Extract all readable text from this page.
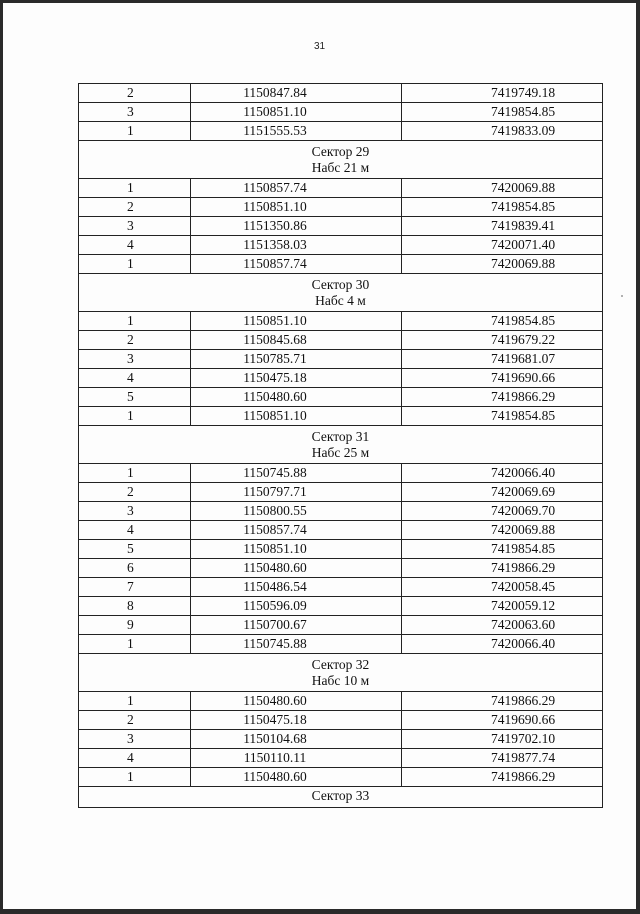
31
2	1150847.84	7419749.18
3	1150851.10	7419854.85
1	1151555.53	7419833.09

Сектор 29
Набс 21 м		

1	1150857.74	7420069.88
2	1150851.10	7419854.85
3	1151350.86	7419839.41
4	1151358.03	7420071.40
1	1150857.74	7420069.88

Сектор 30
Набс 4 м		

1	1150851.10	7419854.85
2	1150845.68	7419679.22
3	1150785.71	7419681.07
4	1150475.18	7419690.66
5	1150480.60	7419866.29
1	1150851.10	7419854.85

Сектор 31
Набс 25 м		

1	1150745.88	7420066.40
2	1150797.71	7420069.69
3	1150800.55	7420069.70
4	1150857.74	7420069.88
5	1150851.10	7419854.85
6	1150480.60	7419866.29
7	1150486.54	7420058.45
8	1150596.09	7420059.12
9	1150700.67	7420063.60
1	1150745.88	7420066.40

Сектор 32
Набс 10 м		

1	1150480.60	7419866.29
2	1150475.18	7419690.66
3	1150104.68	7419702.10
4	1150110.11	7419877.74
1	1150480.60	7419866.29

Сектор 33		
